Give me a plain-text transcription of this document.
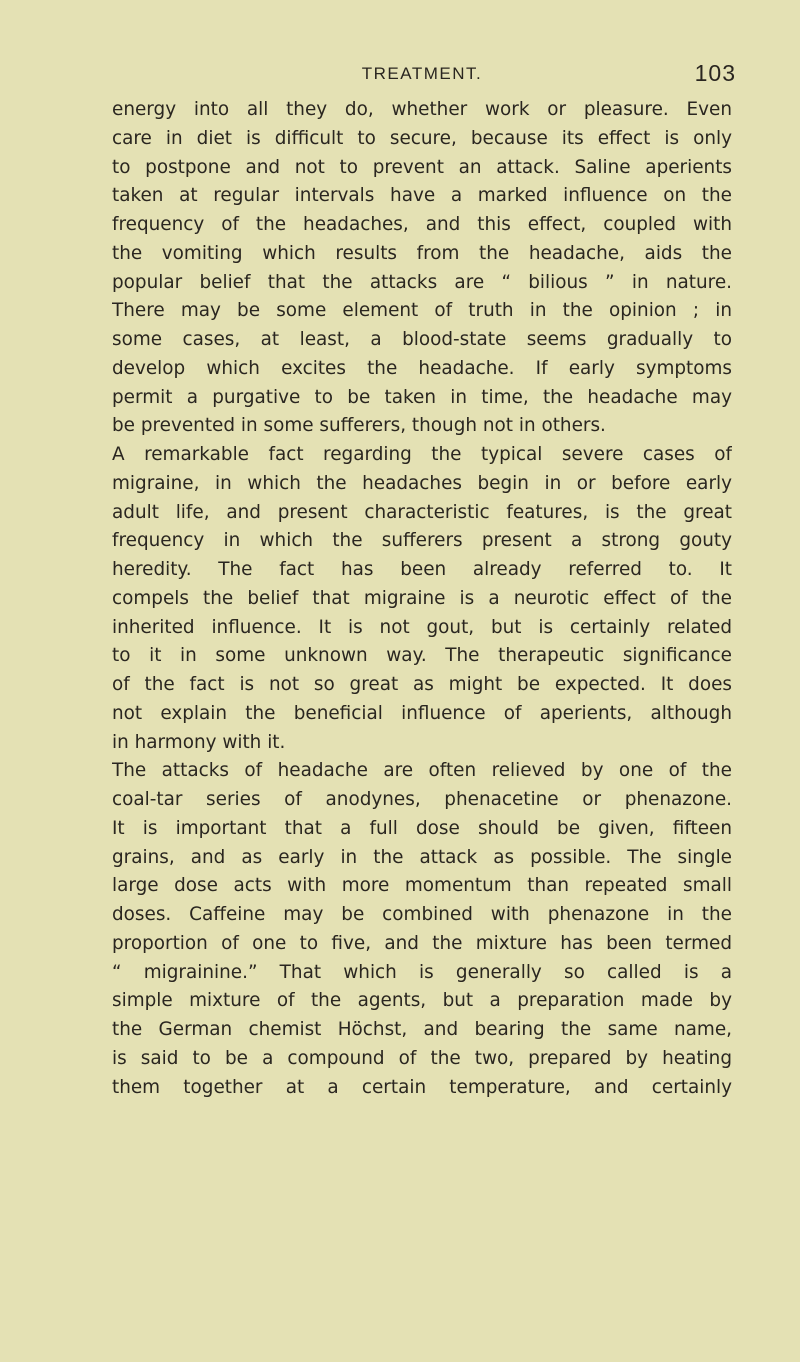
TREATMENT.	103
energy into all they do, whether work or pleasure. Even
care in diet is difficult to secure, because its effect is only
to postpone and not to prevent an attack. Saline aperients
taken at regular intervals have a marked influence on the
frequency of the headaches, and this effect, coupled with
the vomiting which results from the headache, aids the
popular belief that the attacks are “ bilious ” in nature.
There may be some element of truth in the opinion ; in
some cases, at least, a blood-state seems gradually to
develop which excites the headache. If early symptoms
permit a purgative to be taken in time, the headache may
be prevented in some sufferers, though not in others.
A remarkable fact regarding the typical severe cases of
migraine, in which the headaches begin in or before early
adult life, and present characteristic features, is the great
frequency in which the sufferers present a strong gouty
heredity. The fact has been already referred to. It
compels the belief that migraine is a neurotic effect of the
inherited influence. It is not gout, but is certainly related
to it in some unknown way. The therapeutic significance
of the fact is not so great as might be expected. It does
not explain the beneficial influence of aperients, although
in harmony with it.
The attacks of headache are often relieved by one of the
coal-tar series of anodynes, phenacetine or phenazone.
It is important that a full dose should be given, fifteen
grains, and as early in the attack as possible. The single
large dose acts with more momentum than repeated small
doses. Caffeine may be combined with phenazone in the
proportion of one to five, and the mixture has been termed
“ migrainine.” That which is generally so called is a
simple mixture of the agents, but a preparation made by
the German chemist Höchst, and bearing the same name,
is said to be a compound of the two, prepared by heating
them together at a certain temperature, and certainly
